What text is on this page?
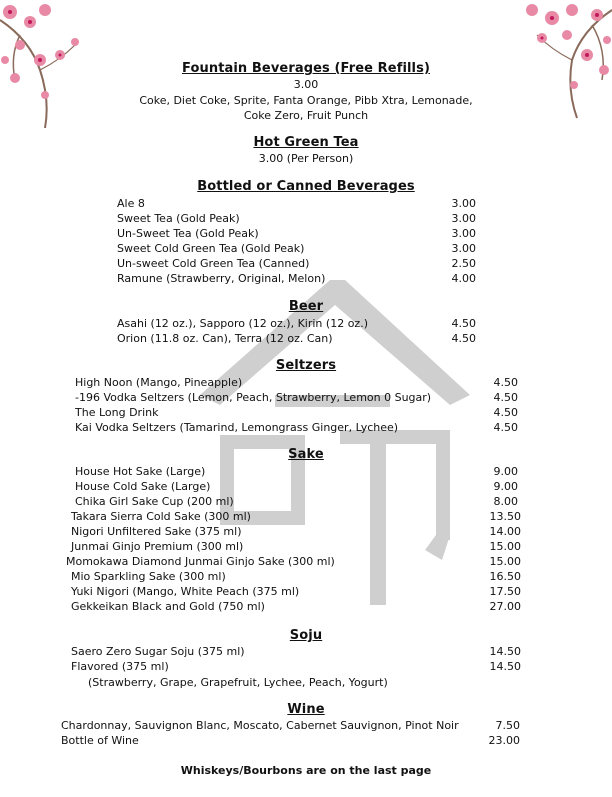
Fountain Beverages (Free Refills)
3.00
Coke, Diet Coke, Sprite, Fanta Orange, Pibb Xtra, Lemonade,
Coke Zero, Fruit Punch
Hot Green Tea
3.00 (Per Person)
Bottled or Canned Beverages
Ale 8	3.00
Sweet Tea (Gold Peak)	3.00
Un-Sweet Tea (Gold Peak)	3.00
Sweet Cold Green Tea (Gold Peak)	3.00
Un-sweet Cold Green Tea (Canned)	2.50
Ramune (Strawberry, Original, Melon)	4.00
Beer
Asahi (12 oz.), Sapporo (12 oz.), Kirin (12 oz.)	4.50
Orion (11.8 oz. Can), Terra (12 oz. Can)	4.50
Seltzers
High Noon (Mango, Pineapple)	4.50
-196 Vodka Seltzers (Lemon, Peach, Strawberry, Lemon 0 Sugar)	4.50
The Long Drink	4.50
Kai Vodka Seltzers (Tamarind, Lemongrass Ginger, Lychee)	4.50
Sake
House Hot Sake (Large)	9.00
House Cold Sake (Large)	9.00
Chika Girl Sake Cup (200 ml)	8.00
Takara Sierra Cold Sake (300 ml)	13.50
Nigori Unfiltered Sake (375 ml)	14.00
Junmai Ginjo Premium (300 ml)	15.00
Momokawa Diamond Junmai Ginjo Sake (300 ml)	15.00
Mio Sparkling Sake (300 ml)	16.50
Yuki Nigori (Mango, White Peach (375 ml)	17.50
Gekkeikan Black and Gold (750 ml)	27.00
Soju
Saero Zero Sugar Soju (375 ml)	14.50
Flavored (375 ml)	14.50
(Strawberry, Grape, Grapefruit, Lychee, Peach, Yogurt)
Wine
Chardonnay, Sauvignon Blanc, Moscato, Cabernet Sauvignon, Pinot Noir	7.50
Bottle of Wine	23.00
Whiskeys/Bourbons are on the last page
